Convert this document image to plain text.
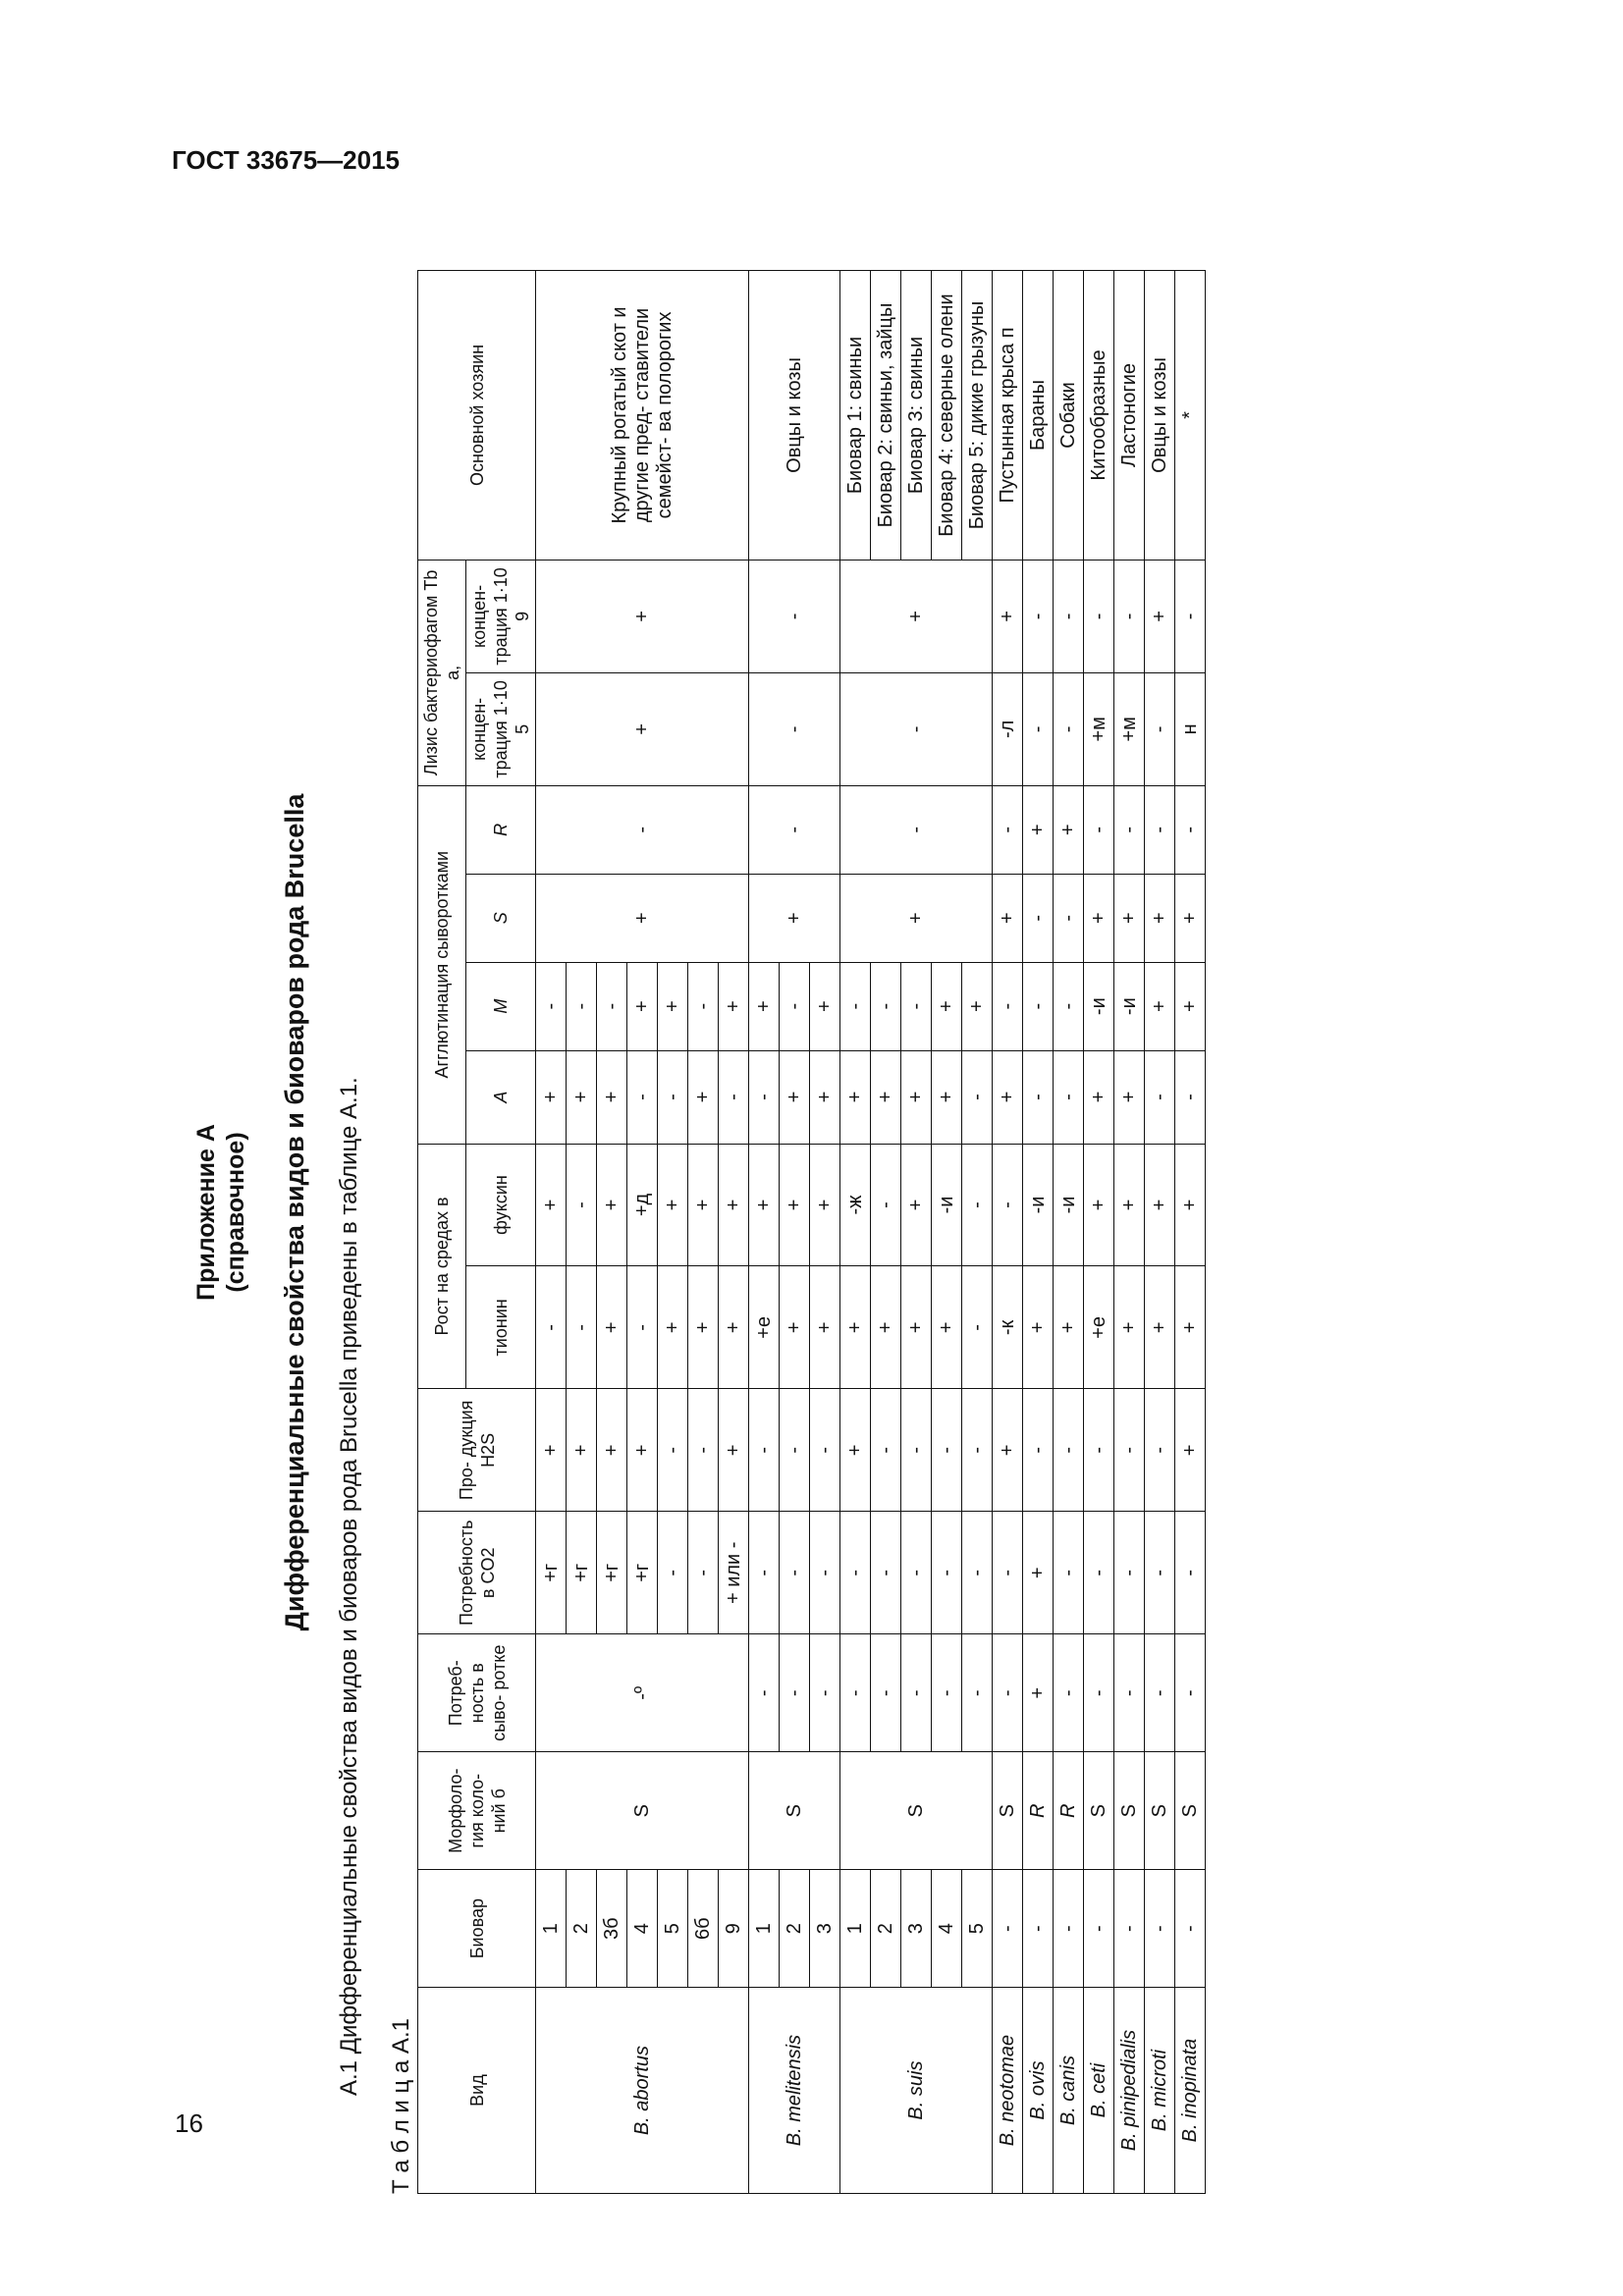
ГОСТ 33675—2015
16
Приложение А (справочное) Дифференциальные свойства видов и биоваров рода Brucella А.1 Дифференциальные свойства видов и биоваров рода Brucella приведены в таблице А.1.
Т а б л и ц а А.1	Вид	Биовар	Морфоло- гия коло- ний б	Потреб- ность в сыво- ротке	Потребность в CO2	Про- дукция H2S	Рост на средах в		Агглютинация сыворотками				Лизис бактериофагом Tb а,		Основной хозяин
						тионин	фуксин	A	M	S	R	концен- трация 1·10 5	концен- трация 1·10 9	
B. abortus	1	S	-º	+г	+	-	+	+	-	+	-	+	+	Крупный рогатый скот и другие пред- ставители семейст- ва полорогих
	2			+г	+	-	-	+	-					
	3б			+г	+	+	+	+	-					
	4			+г	+	-	+д	-	+					
	5			-	-	+	+	-	+					
	6б			-	-	+	+	+	-					
	9			+ или -	+	+	+	-	+					
B. melitensis	1	S	-	-	-	+е	+	-	+	+	-	-	-	Овцы и козы
	2		-	-	-	+	+	+	-					
	3		-	-	-	+	+	+	+					
B. suis	1	S	-	-	+	+	-ж	+	-	+	-	-	+	Биовар 1: свиньи
	2		-	-	-	+	-	+	-					Биовар 2: свиньи, зайцы
	3		-	-	-	+	+	+	-					Биовар 3: свиньи
	4		-	-	-	+	-и	+	+					Биовар 4: северные олени
	5		-	-	-	-	-	-	+					Биовар 5: дикие грызуны
B. neotomae	-	S	-	-	+	-к	-	+	-	+	-	-л	+	Пустынная крыса п
B. ovis	-	R	+	+	-	+	-и	-	-	-	+	-	-	Бараны
B. canis	-	R	-	-	-	+	-и	-	-	-	+	-	-	Собаки
B. ceti	-	S	-	-	-	+е	+	+	-и	+	-	+м	-	Китообразные
B. pinipedialis	-	S	-	-	-	+	+	+	-и	+	-	+м	-	Ластоногие
B. microti	-	S	-	-	-	+	+	-	+	+	-	-	+	Овцы и козы
B. inopinata	-	S	-	-	+	+	+	-	+	+	-	н	-	*
